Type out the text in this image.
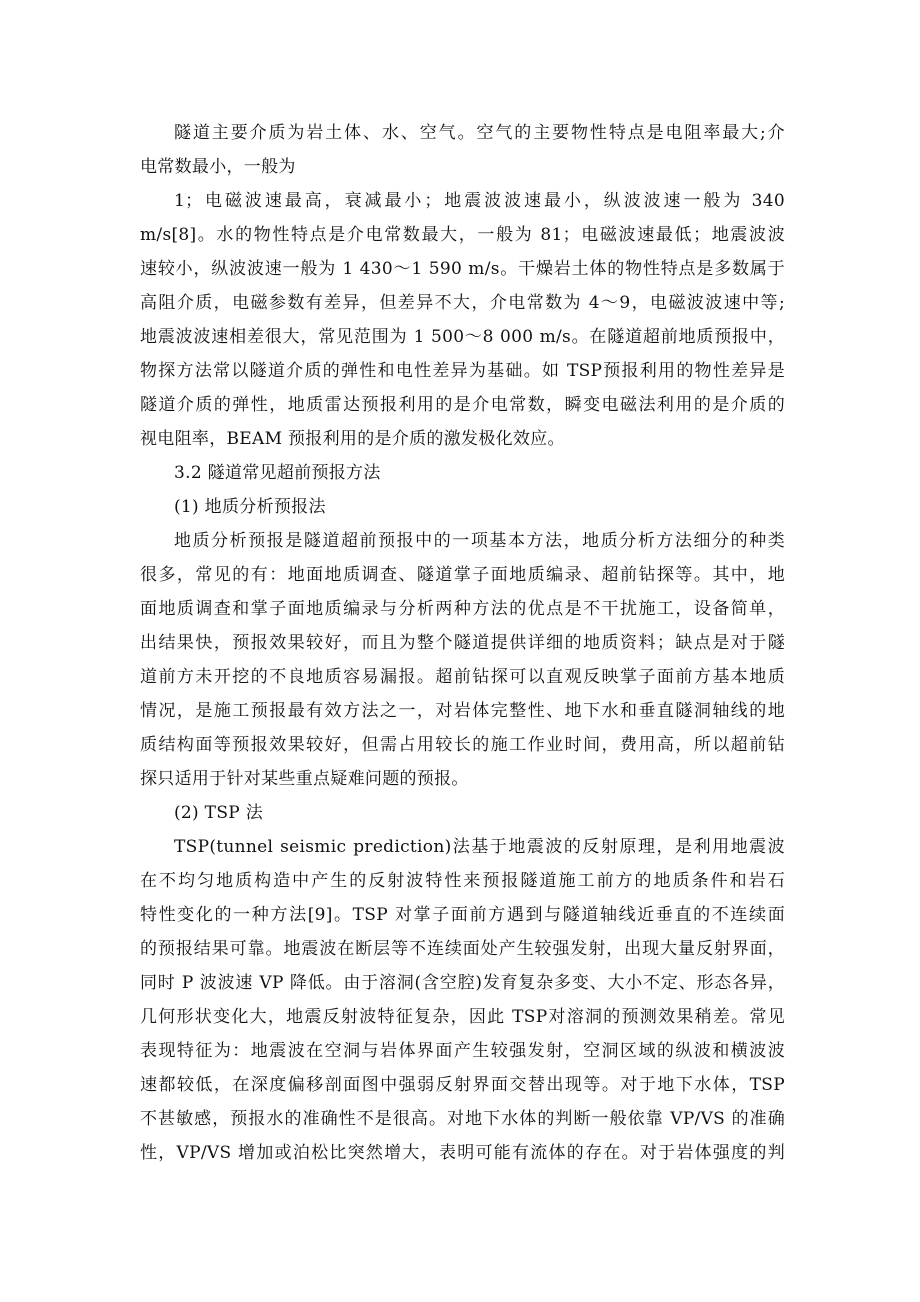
隧道主要介质为岩土体、水、空气。空气的主要物性特点是电阻率最大;介
电常数最小，一般为
1；电磁波速最高，衰减最小；地震波波速最小，纵波波速一般为 340
m/s[8]。水的物性特点是介电常数最大，一般为 81；电磁波速最低；地震波波
速较小，纵波波速一般为 1 430～1 590 m/s。干燥岩土体的物性特点是多数属于
高阻介质，电磁参数有差异，但差异不大，介电常数为 4～9，电磁波波速中等;
地震波波速相差很大，常见范围为 1 500～8 000 m/s。在隧道超前地质预报中，
物探方法常以隧道介质的弹性和电性差异为基础。如 TSP预报利用的物性差异是
隧道介质的弹性，地质雷达预报利用的是介电常数，瞬变电磁法利用的是介质的
视电阻率，BEAM 预报利用的是介质的激发极化效应。
3.2 隧道常见超前预报方法
(1) 地质分析预报法
地质分析预报是隧道超前预报中的一项基本方法，地质分析方法细分的种类
很多，常见的有：地面地质调查、隧道掌子面地质编录、超前钻探等。其中，地
面地质调查和掌子面地质编录与分析两种方法的优点是不干扰施工，设备简单，
出结果快，预报效果较好，而且为整个隧道提供详细的地质资料；缺点是对于隧
道前方未开挖的不良地质容易漏报。超前钻探可以直观反映掌子面前方基本地质
情况，是施工预报最有效方法之一，对岩体完整性、地下水和垂直隧洞轴线的地
质结构面等预报效果较好，但需占用较长的施工作业时间，费用高，所以超前钻
探只适用于针对某些重点疑难问题的预报。
(2) TSP 法
TSP(tunnel seismic prediction)法基于地震波的反射原理，是利用地震波
在不均匀地质构造中产生的反射波特性来预报隧道施工前方的地质条件和岩石
特性变化的一种方法[9]。TSP 对掌子面前方遇到与隧道轴线近垂直的不连续面
的预报结果可靠。地震波在断层等不连续面处产生较强发射，出现大量反射界面，
同时 P 波波速 VP 降低。由于溶洞(含空腔)发育复杂多变、大小不定、形态各异，
几何形状变化大，地震反射波特征复杂，因此 TSP对溶洞的预测效果稍差。常见
表现特征为：地震波在空洞与岩体界面产生较强发射，空洞区域的纵波和横波波
速都较低，在深度偏移剖面图中强弱反射界面交替出现等。对于地下水体，TSP
不甚敏感，预报水的准确性不是很高。对地下水体的判断一般依靠 VP/VS 的准确
性，VP/VS 增加或泊松比突然增大，表明可能有流体的存在。对于岩体强度的判
